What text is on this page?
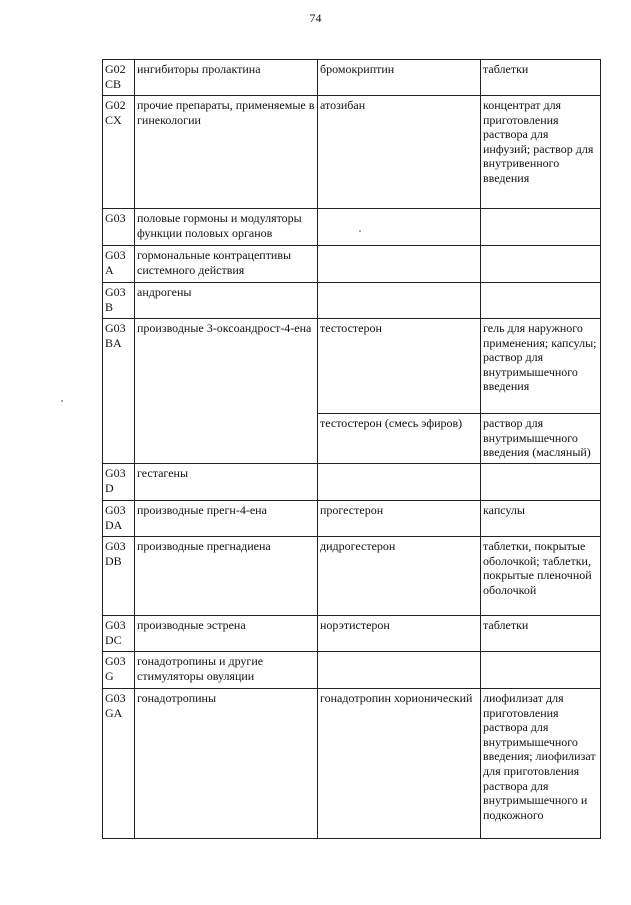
74
G02 CB	ингибиторы пролактина	бромокриптин	таблетки
G02 CX	прочие препараты, применяемые в гинекологии	атозибан	концентрат для приготовления раствора для инфузий; раствор для внутривенного введения
G03	половые гормоны и модуляторы функции половых органов		
G03 A	гормональные контрацептивы системного действия		
G03 B	андрогены		
G03 BA	производные 3-оксоандрост-4-ена	тестостерон	гель для наружного применения; капсулы; раствор для внутримышечного введения
		тестостерон (смесь эфиров)	раствор для внутримышечного введения (масляный)
G03 D	гестагены		
G03 DA	производные прегн-4-ена	прогестерон	капсулы
G03 DB	производные прегнадиена	дидрогестерон	таблетки, покрытые оболочкой; таблетки, покрытые пленочной оболочкой
G03 DC	производные эстрена	норэтистерон	таблетки
G03 G	гонадотропины и другие стимуляторы овуляции		
G03 GA	гонадотропины	гонадотропин хорионический	лиофилизат для приготовления раствора для внутримышечного введения; лиофилизат для приготовления раствора для внутримышечного и подкожного
